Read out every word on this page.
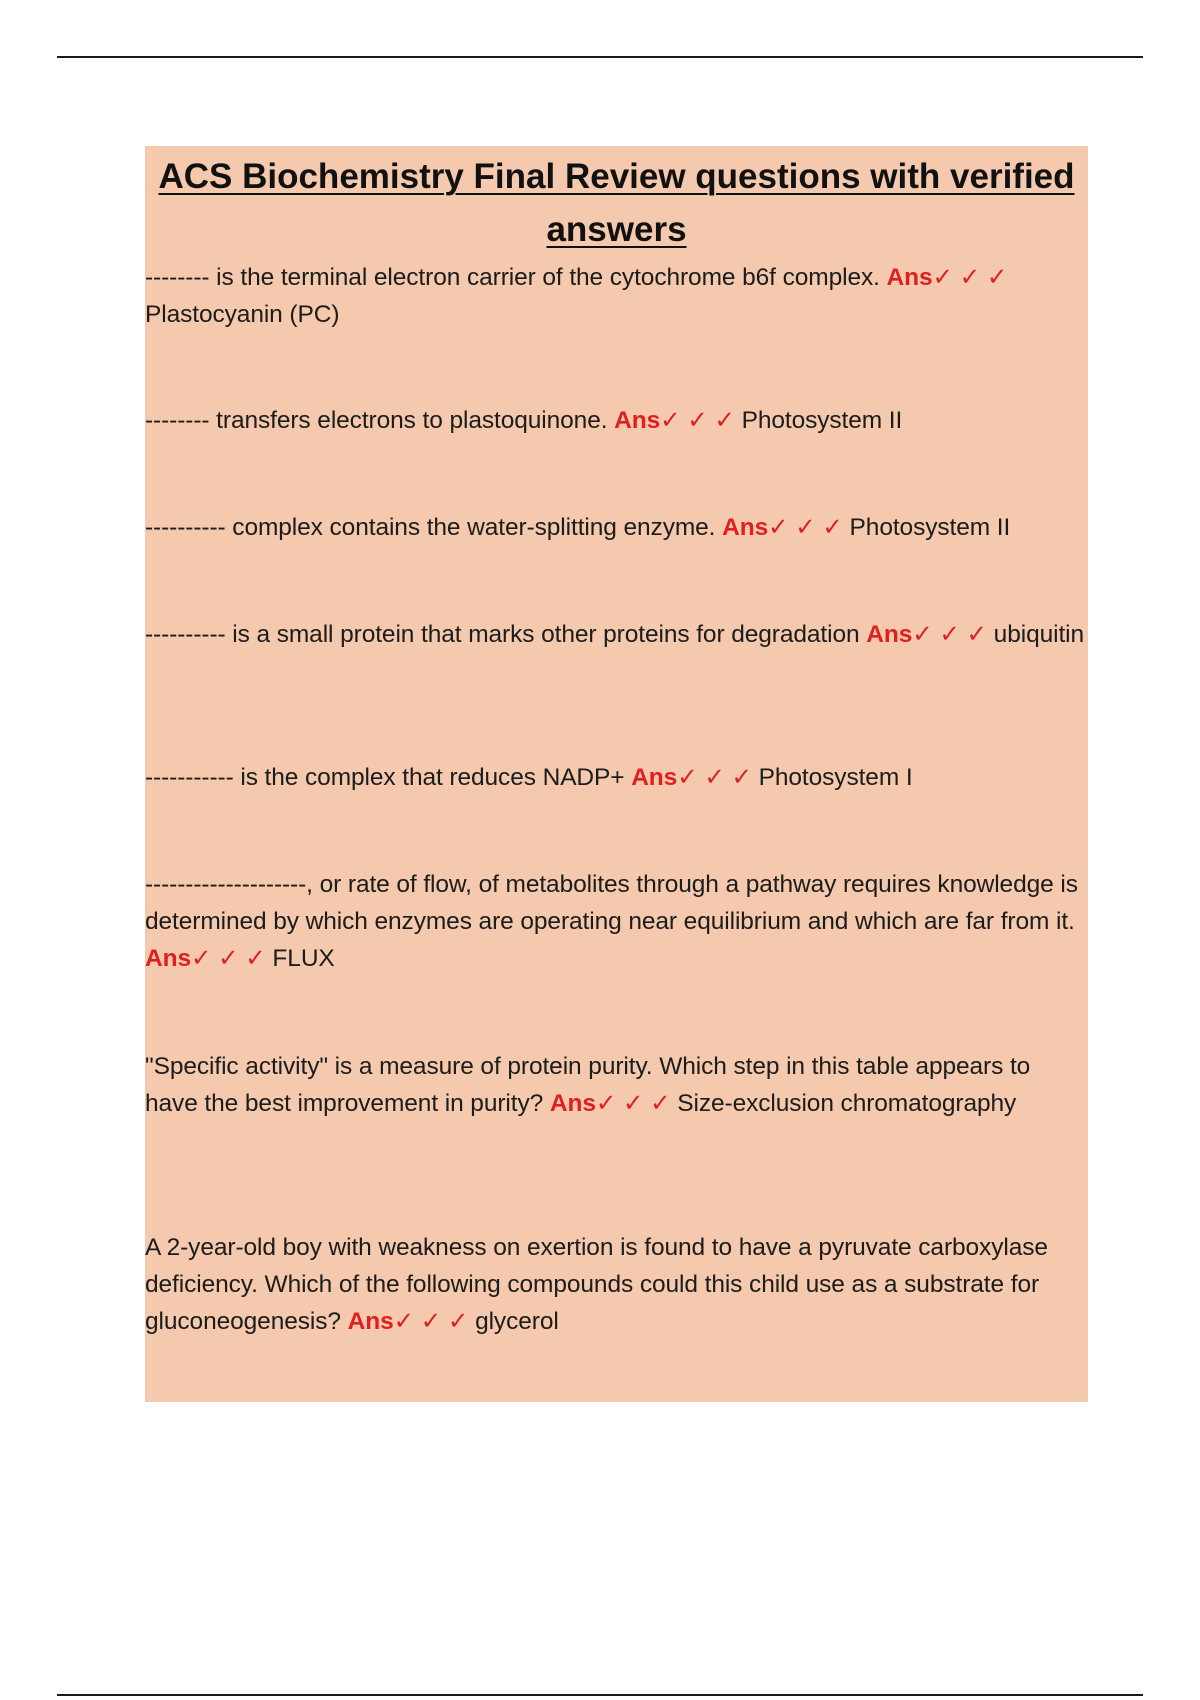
ACS Biochemistry Final Review questions with verified answers

-------- is the terminal electron carrier of the cytochrome b6f complex. Ans✓ ✓ ✓ Plastocyanin (PC)

-------- transfers electrons to plastoquinone. Ans✓ ✓ ✓ Photosystem II

---------- complex contains the water-splitting enzyme. Ans✓ ✓ ✓ Photosystem II

---------- is a small protein that marks other proteins for degradation Ans✓ ✓ ✓ ubiquitin

----------- is the complex that reduces NADP+ Ans✓ ✓ ✓ Photosystem I

--------------------, or rate of flow, of metabolites through a pathway requires knowledge is determined by which enzymes are operating near equilibrium and which are far from it. Ans✓ ✓ ✓ FLUX

"Specific activity" is a measure of protein purity. Which step in this table appears to have the best improvement in purity? Ans✓ ✓ ✓ Size-exclusion chromatography

A 2-year-old boy with weakness on exertion is found to have a pyruvate carboxylase deficiency. Which of the following compounds could this child use as a substrate for gluconeogenesis? Ans✓ ✓ ✓ glycerol
